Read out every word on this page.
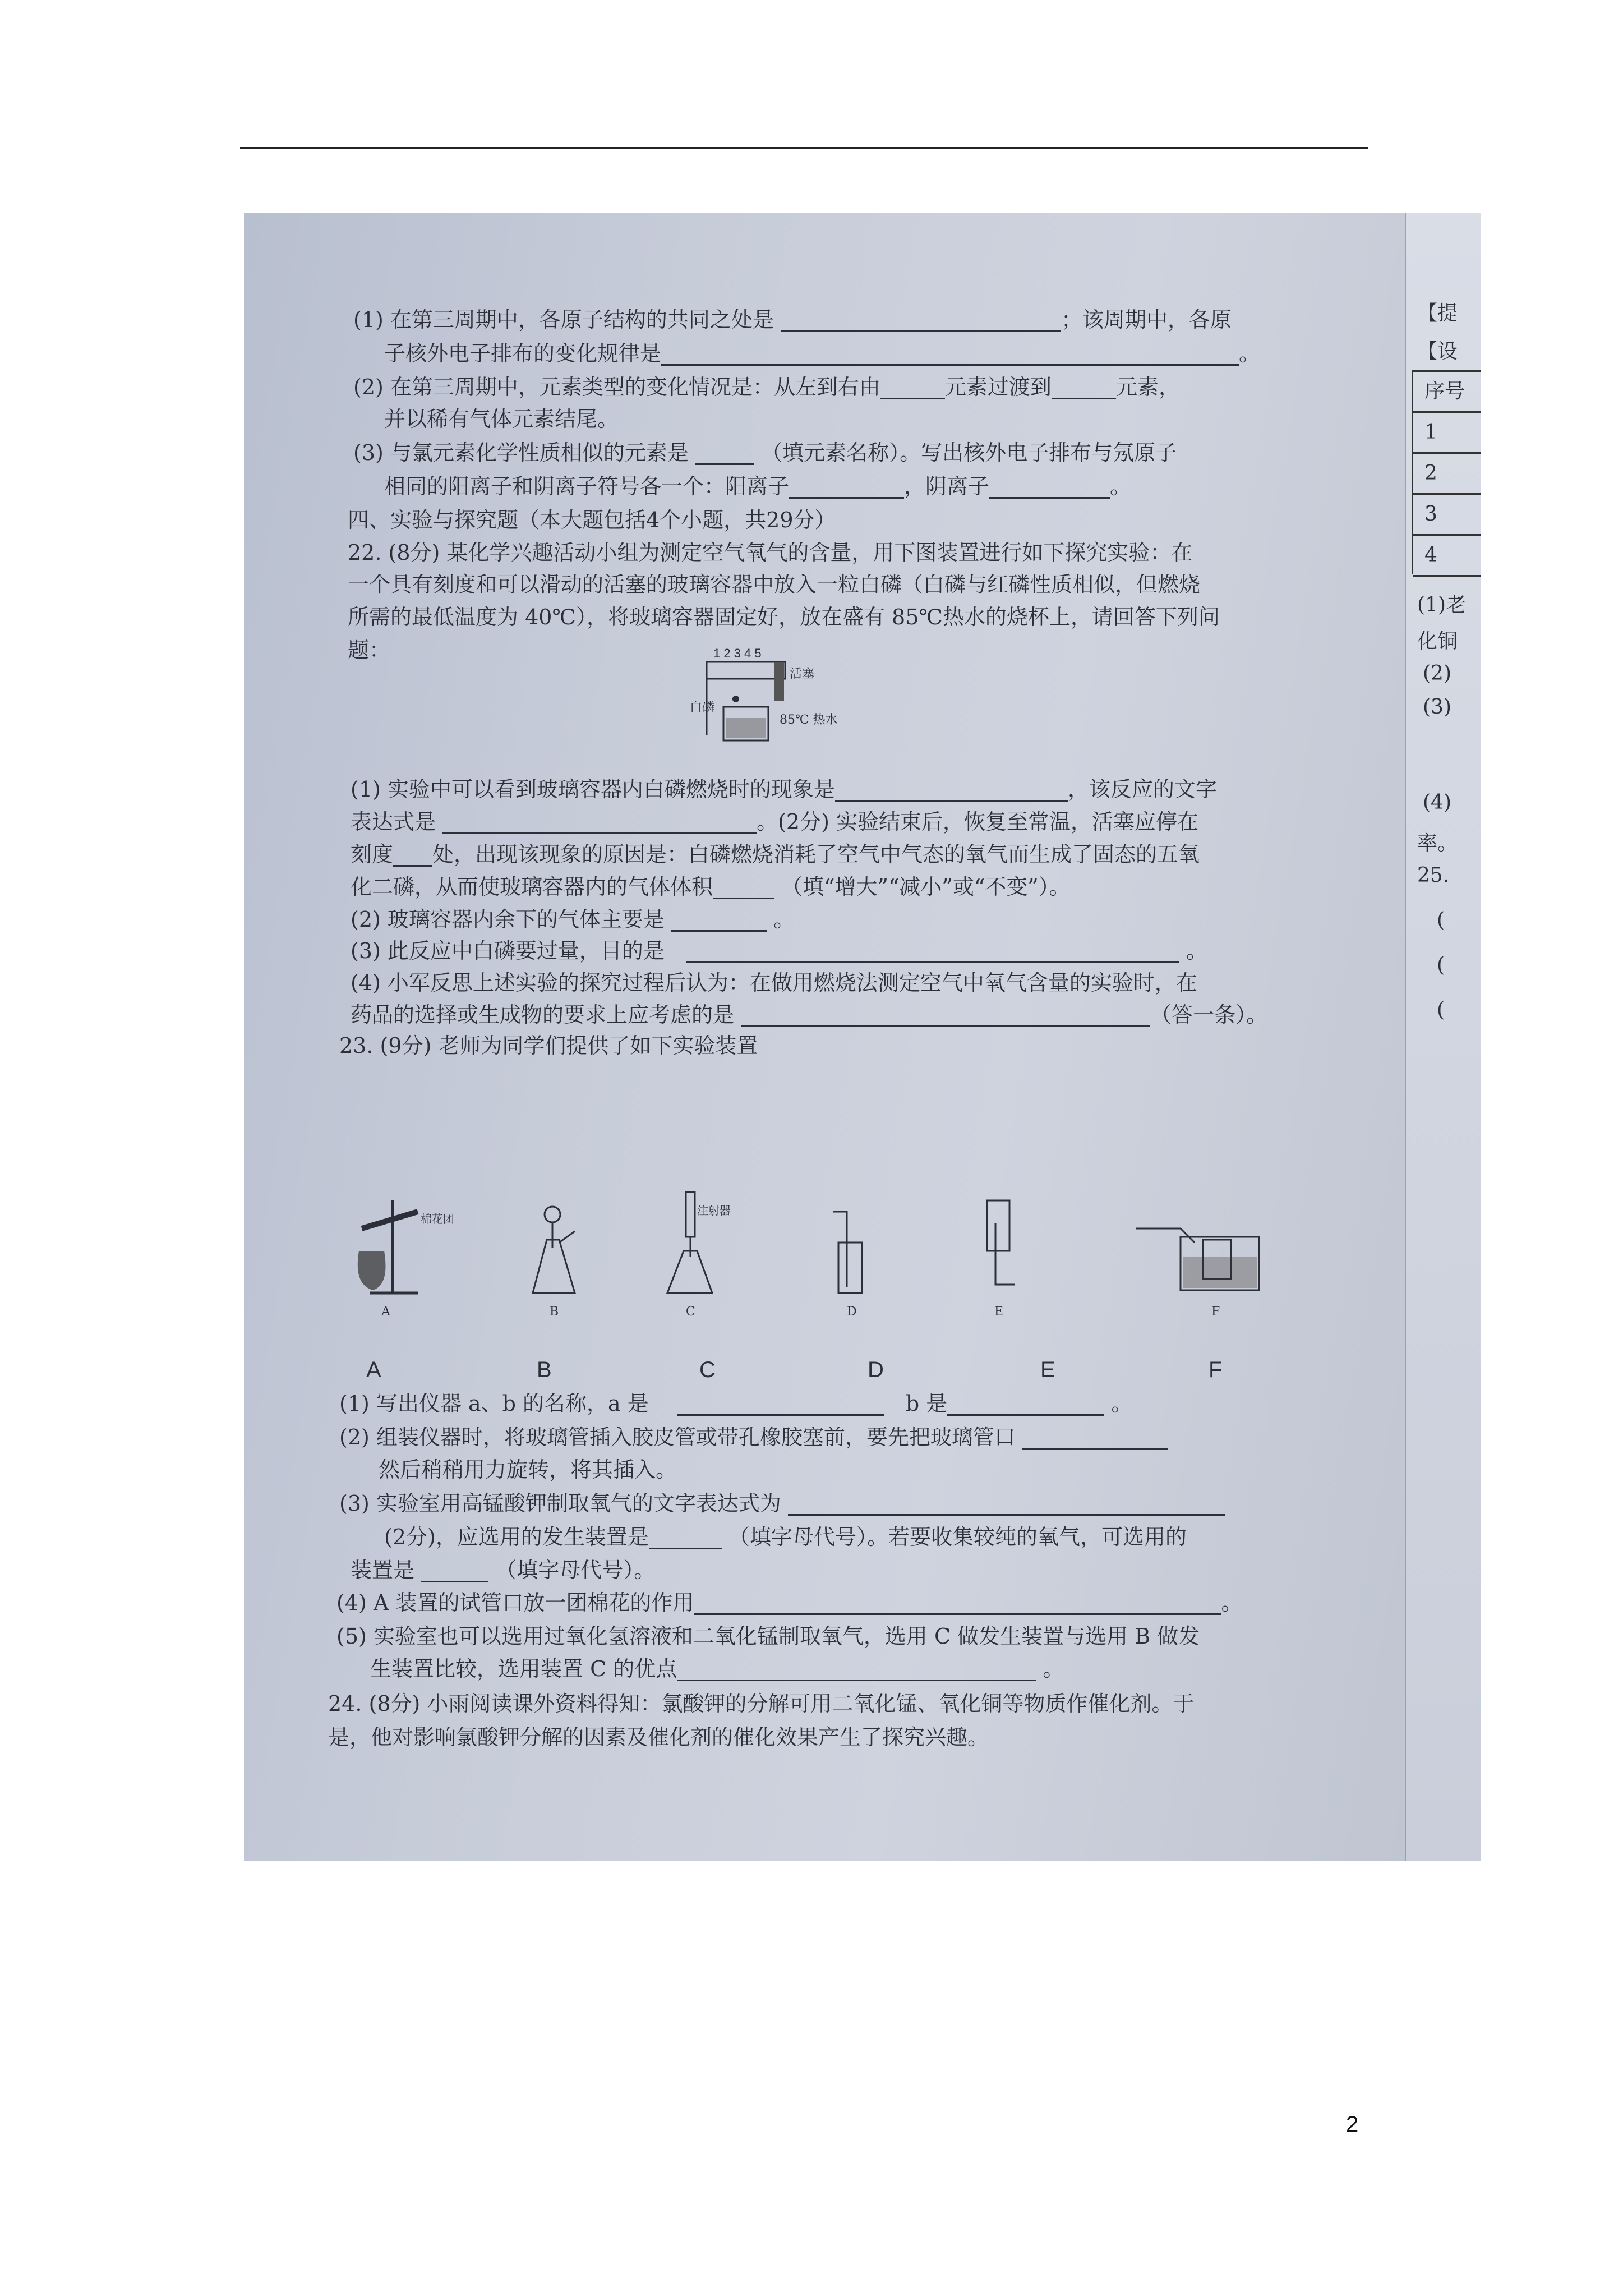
(1) 在第三周期中，各原子结构的共同之处是	；该周期中，各原
子核外电子排布的变化规律是	。
(2) 在第三周期中，元素类型的变化情况是：从左到右由	元素过渡到	元素，
并以稀有气体元素结尾。
(3) 与氯元素化学性质相似的元素是	（填元素名称）。写出核外电子排布与氖原子
相同的阳离子和阴离子符号各一个：阳离子	，阴离子	。
四、实验与探究题（本大题包括4个小题，共29分）
22. (8分) 某化学兴趣活动小组为测定空气氧气的含量，用下图装置进行如下探究实验：在
一个具有刻度和可以滑动的活塞的玻璃容器中放入一粒白磷（白磷与红磷性质相似，但燃烧
所需的最低温度为 40℃），将玻璃容器固定好，放在盛有 85℃热水的烧杯上，请回答下列问
题：	1 2 3 4 5
活塞
白磷
85℃ 热水
(1) 实验中可以看到玻璃容器内白磷燃烧时的现象是	，该反应的文字
表达式是	。(2分) 实验结束后，恢复至常温，活塞应停在
刻度 处，出现该现象的原因是：白磷燃烧消耗了空气中气态的氧气而生成了固态的五氧
化二磷，从而使玻璃容器内的气体体积	（填“增大”“减小”或“不变”）。
(2) 玻璃容器内余下的气体主要是	。
(3) 此反应中白磷要过量，目的是　	。
(4) 小军反思上述实验的探究过程后认为：在做用燃烧法测定空气中氧气含量的实验时，在
药品的选择或生成物的要求上应考虑的是	（答一条）。
23. (9分) 老师为同学们提供了如下实验装置
棉花团
注射器
A	B	C	D	E	F
A	B	C	D	E	F
(1) 写出仪器 a、b 的名称，a 是　 　	b 是	。
(2) 组装仪器时，将玻璃管插入胶皮管或带孔橡胶塞前，要先把玻璃管口
然后稍稍用力旋转，将其插入。
(3) 实验室用高锰酸钾制取氧气的文字表达式为
(2分)，应选用的发生装置是	（填字母代号）。若要收集较纯的氧气，可选用的
装置是	（填字母代号）。
(4) A 装置的试管口放一团棉花的作用	。
(5) 实验室也可以选用过氧化氢溶液和二氧化锰制取氧气，选用 C 做发生装置与选用 B 做发
生装置比较，选用装置 C 的优点	。
24. (8分) 小雨阅读课外资料得知：氯酸钾的分解可用二氧化锰、氧化铜等物质作催化剂。于
是，他对影响氯酸钾分解的因素及催化剂的催化效果产生了探究兴趣。
【提
【设
序号
1
2
3
4
(1)老
化铜
(2)
(3)
(4)
率。
25.
(
(
(
2
